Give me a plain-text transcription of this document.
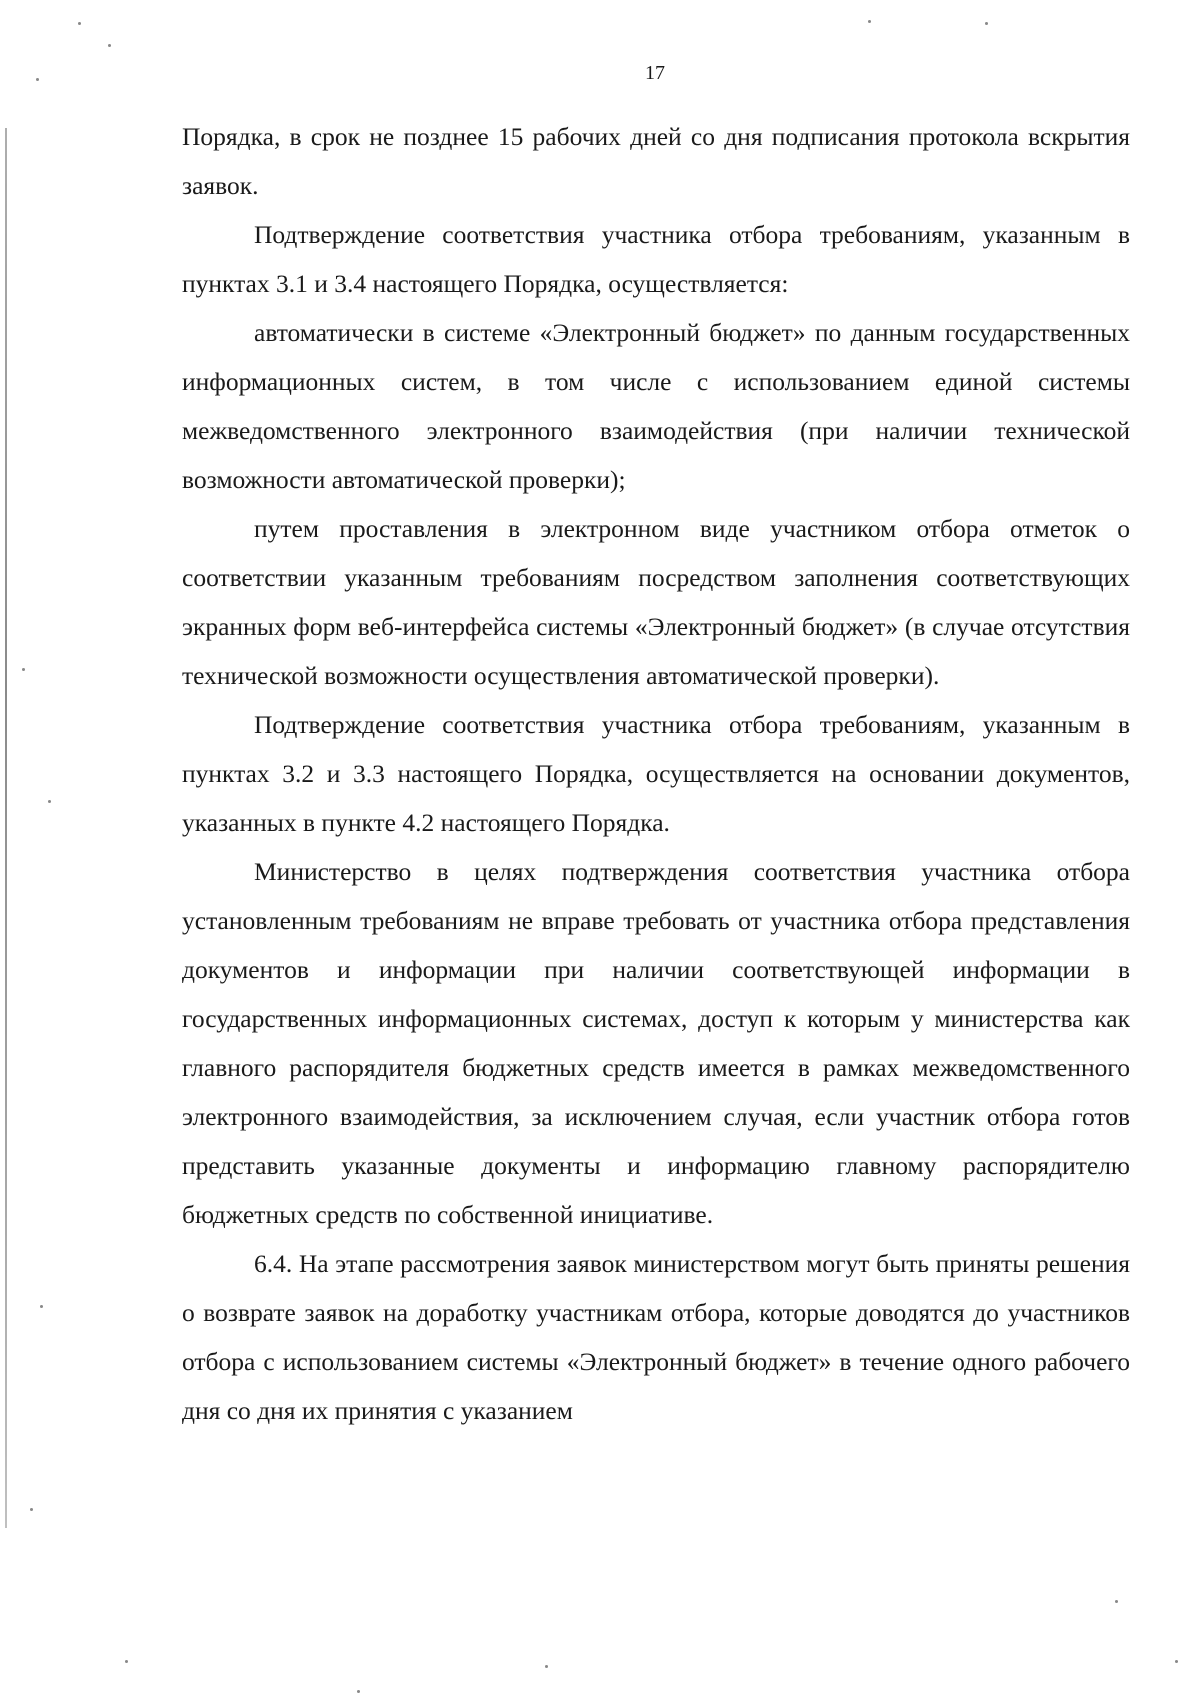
17

Порядка, в срок не позднее 15 рабочих дней со дня подписания протокола вскрытия заявок.

Подтверждение соответствия участника отбора требованиям, указанным в пунктах 3.1 и 3.4 настоящего Порядка, осуществляется:

автоматически в системе «Электронный бюджет» по данным государственных информационных систем, в том числе с использованием единой системы межведомственного электронного взаимодействия (при наличии технической возможности автоматической проверки);

путем проставления в электронном виде участником отбора отметок о соответствии указанным требованиям посредством заполнения соответствующих экранных форм веб-интерфейса системы «Электронный бюджет» (в случае отсутствия технической возможности осуществления автоматической проверки).

Подтверждение соответствия участника отбора требованиям, указанным в пунктах 3.2 и 3.3 настоящего Порядка, осуществляется на основании документов, указанных в пункте 4.2 настоящего Порядка.

Министерство в целях подтверждения соответствия участника отбора установленным требованиям не вправе требовать от участника отбора представления документов и информации при наличии соответствующей информации в государственных информационных системах, доступ к которым у министерства как главного распорядителя бюджетных средств имеется в рамках межведомственного электронного взаимодействия, за исключением случая, если участник отбора готов представить указанные документы и информацию главному распорядителю бюджетных средств по собственной инициативе.

6.4. На этапе рассмотрения заявок министерством могут быть приняты решения о возврате заявок на доработку участникам отбора, которые доводятся до участников отбора с использованием системы «Электронный бюджет» в течение одного рабочего дня со дня их принятия с указанием
